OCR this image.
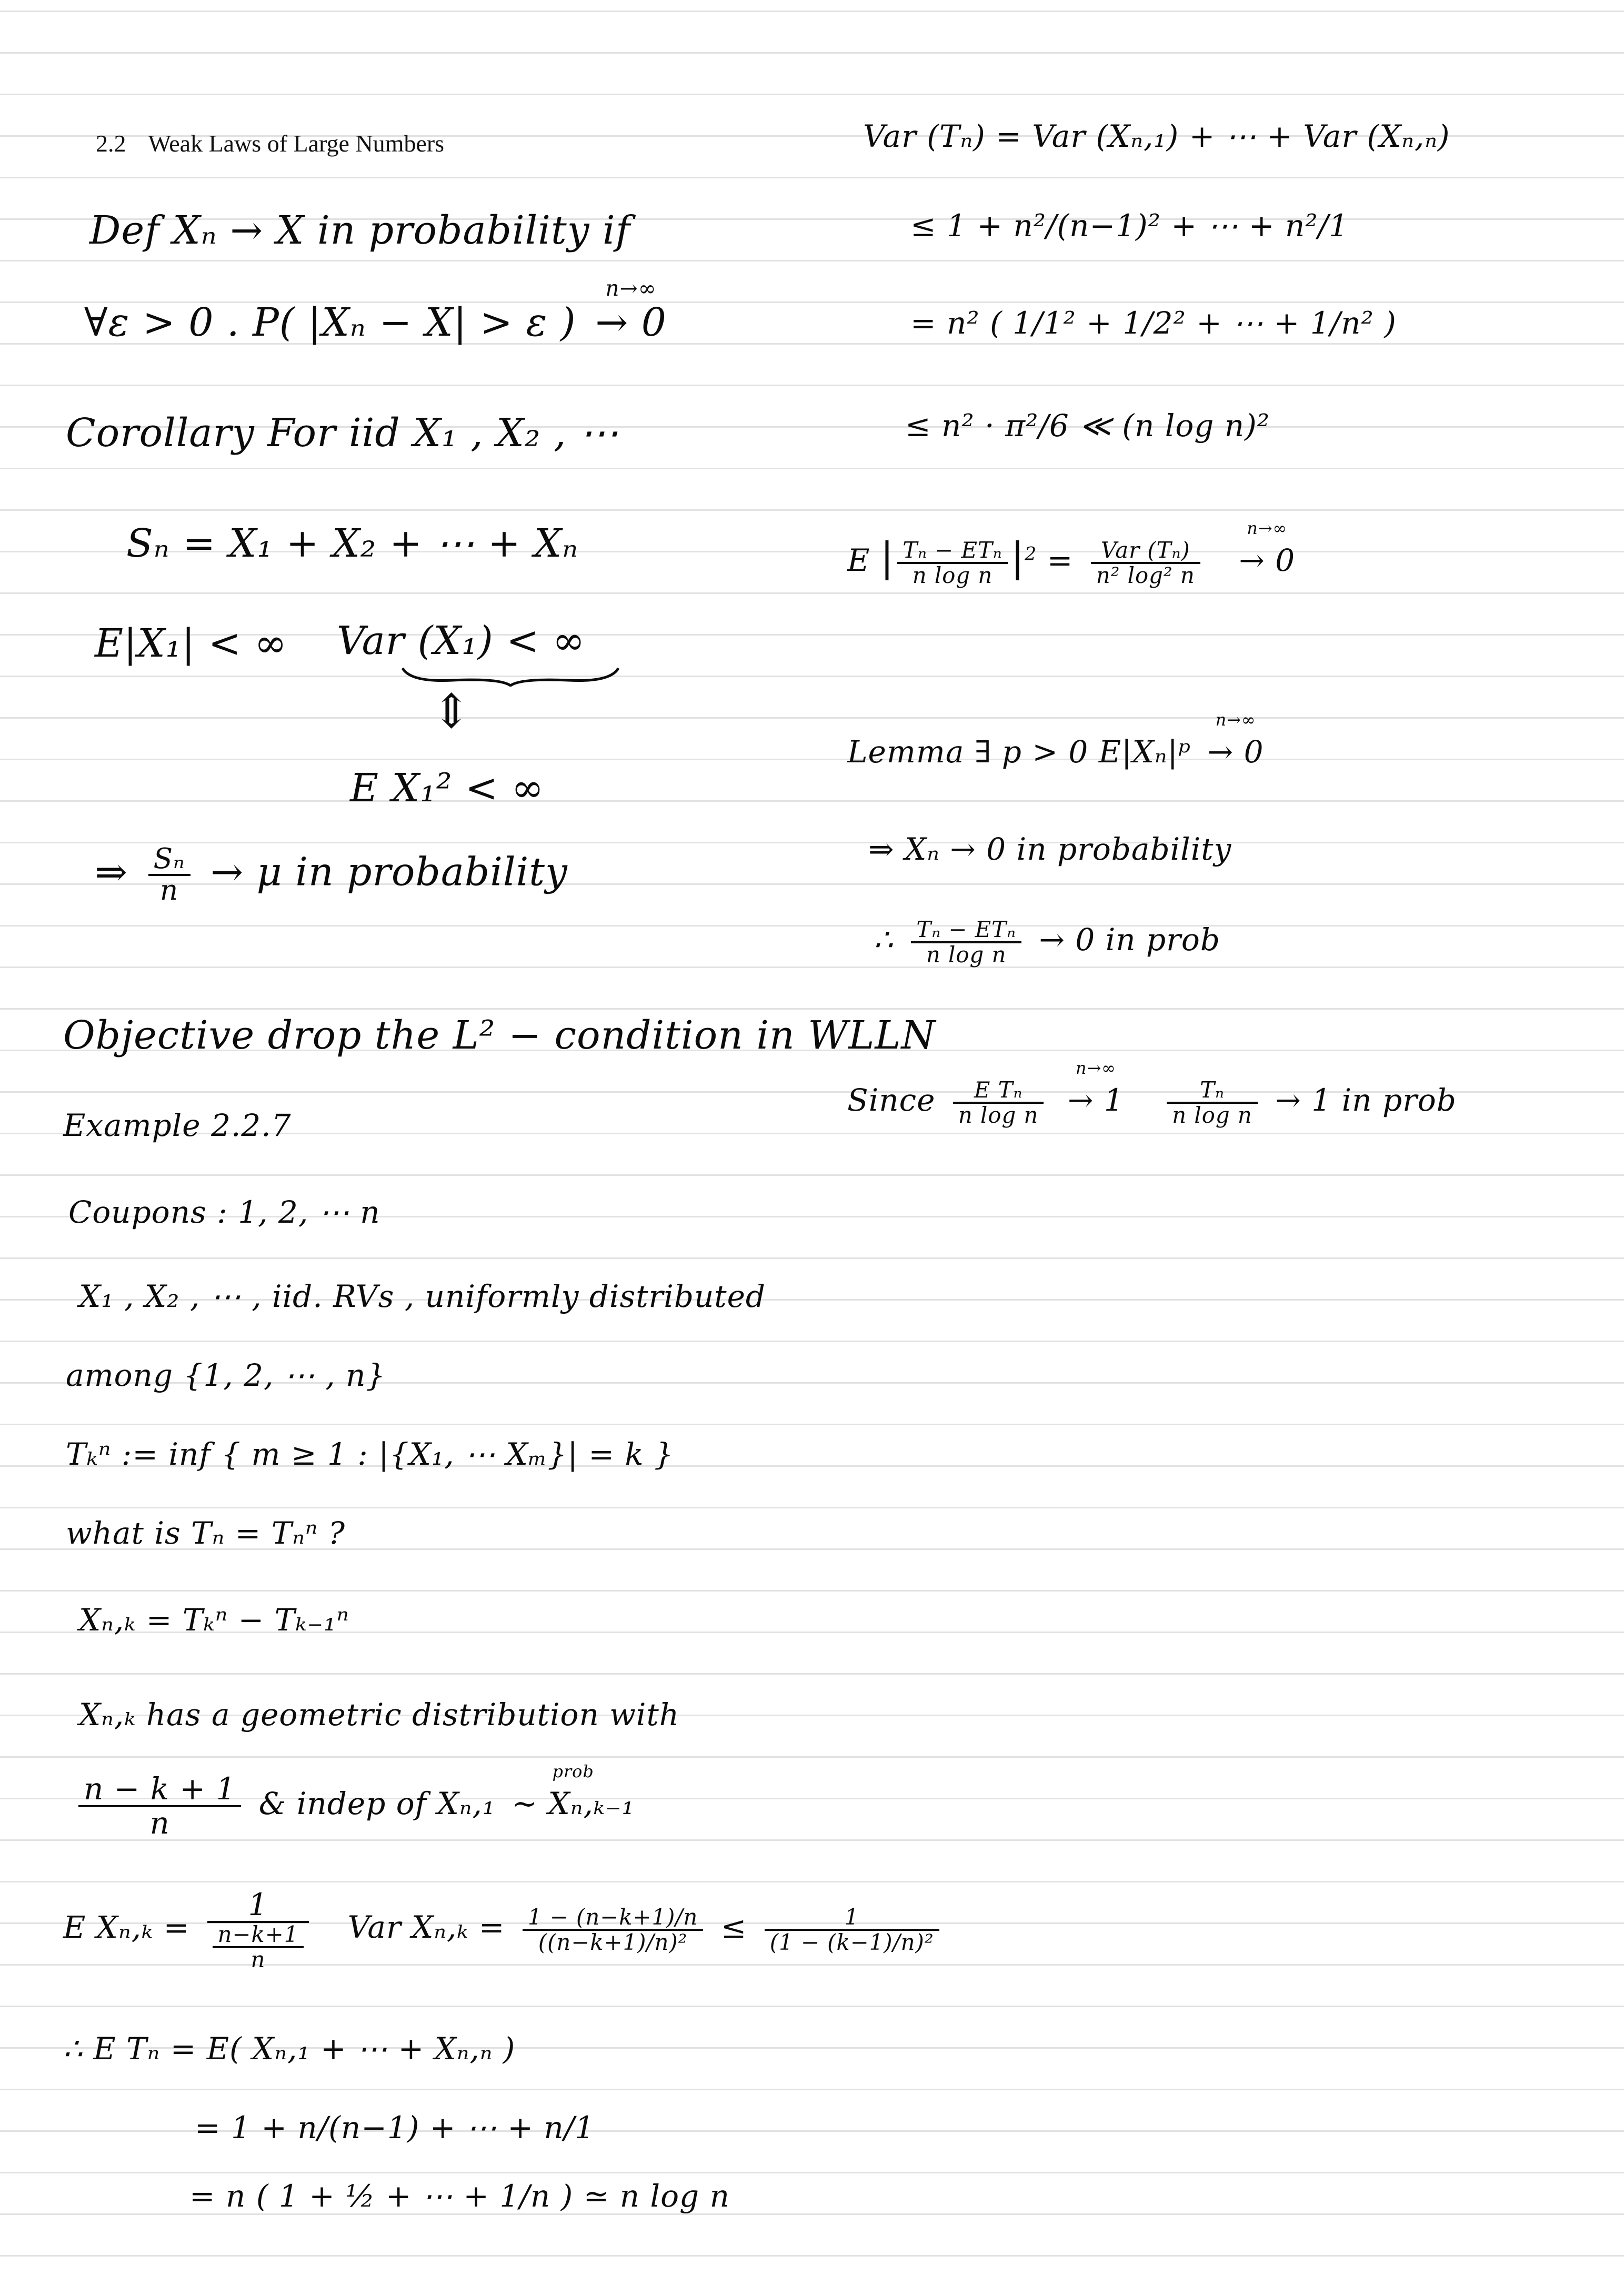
2.2 Weak Laws of Large Numbers
Def Xₙ → X in probability if
∀ε > 0 . P( |Xₙ − X| > ε )
n→∞
→ 0
Corollary For iid X₁ , X₂ , ⋯
Sₙ = X₁ + X₂ + ⋯ + Xₙ
E|X₁| < ∞ Var (X₁) < ∞
⇕
E X₁² < ∞
⇒ $\frac{\text{Sₙ}}{n} \to \mu$ in probability
Objective drop the L² − condition in WLLN
Example 2.2.7
Coupons : 1, 2, ⋯ n
X₁ , X₂ , ⋯ , iid. RVs , uniformly distributed
among {1, 2, ⋯ , n}
Tₖⁿ := inf { m ≥ 1 : |{X₁, ⋯ Xₘ}| = k }
what is Tₙ = Tₙⁿ ?
Xₙ,ₖ = Tₖⁿ − Tₖ₋₁ⁿ
Xₙ,ₖ has a geometric distribution with
$\frac{n - k + 1}{n}$ & indep of Xₙ,₁
prob
~ Xₙ,ₖ₋₁
E $X_n,_k = \frac{1}{\frac{n-k+1}{n}}$ Var $X_n,_k = \frac{1 - (n-k+1)/n}{\text{((n−k+1)/n)²}} \le \frac{1}{\text{(1 − (k−1)/n)²}}$
∴ E Tₙ = E( Xₙ,₁ + ⋯ + Xₙ,ₙ )
= 1 + n/(n−1) + ⋯ + n/1
= n ( 1 + ½ + ⋯ + 1/n ) ≃ n log n
Var (Tₙ) = Var (Xₙ,₁) + ⋯ + Var (Xₙ,ₙ)
≤ 1 + n²/(n−1)² + ⋯ + n²/1
= n² ( 1/1² + 1/2² + ⋯ + 1/n² )
≤ n² · π²/6 ≪ (n log n)²
E | $\frac{\text{Tₙ − ETₙ}}{\text{n log n}} |^2 = \frac{\text{Var (Tₙ)}}{\text{n² log² n}}$

n→∞
→ 0
Lemma ∃ p > 0 E|Xₙ|ᵖ
n→∞
→ 0
⇒ Xₙ → 0 in probability
∴ $\frac{\text{Tₙ − ETₙ}}{\text{n log n}} \to 0$ in prob
Since $\frac{\text{E Tₙ}}{\text{n log n}}$

n→∞
→ $1 \frac{\text{Tₙ}}{\text{n log n}} \to 1$ in prob
